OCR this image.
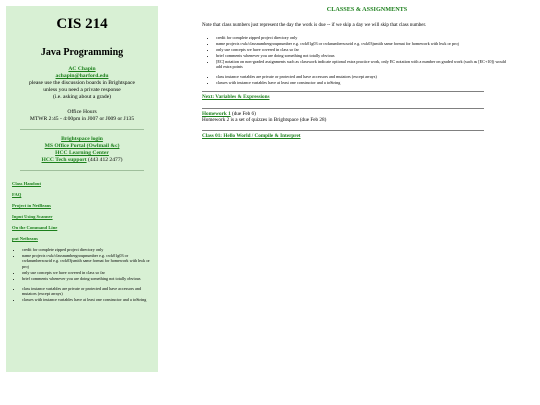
CIS 214
Java Programming
AC Chapin
achapin@harford.edu
please use the discussion boards in Brightspace
unless you need a private response
(i.e. asking about a grade)
Office Hours
MTWR 2:45 - 4:00pm in J007 or J009 or J135
Brightspace login
MS Office Portal (Owlmail &c)
HCC Learning Center
HCC Tech support (443 412 2477)
Class Handout
FAQ
Project in NetBeans
Input Using Scanner
On the Command Line
put Netbeans
• credit for complete zipped project directory only
• name projects cwk/classnumbergroupnumber e.g. cwk01g03 or cwknumberscurid e.g. cwk03jsmith same format for homework with hwk or proj
• only use concepts we have covered in class so far
• brief comments whenever you are doing something not totally obvious
• class instance variables are private or protected and have accessors and mutators (except arrays)
• classes with instance variables have at least one constructor and a toString
CLASSES & ASSIGNMENTS
Note that class numbers just represent the day the work is due -- if we skip a day we will skip that class number.
• credit for complete zipped project directory only
• name projects cwk/classnumbergroupnumber e.g. cwk01g03 or cwknumberscurid e.g. cwk03jsmith same format for homework with hwk or proj
• only use concepts we have covered in class so far
• brief comments whenever you are doing something not totally obvious
• [EC] notation on non-graded assignments such as classwork indicate optional extra practice work, only EC notation with a number on graded work (such as [EC+10]) would add extra points
• class instance variables are private or protected and have accessors and mutators (except arrays)
• classes with instance variables have at least one constructor and a toString
Next: Variables & Expressions
Homework 1 (due Feb 6)
Homework 2 is a set of quizzes in Brightspace (due Feb 28)
Class 01: Hello World / Compile & Interpret
